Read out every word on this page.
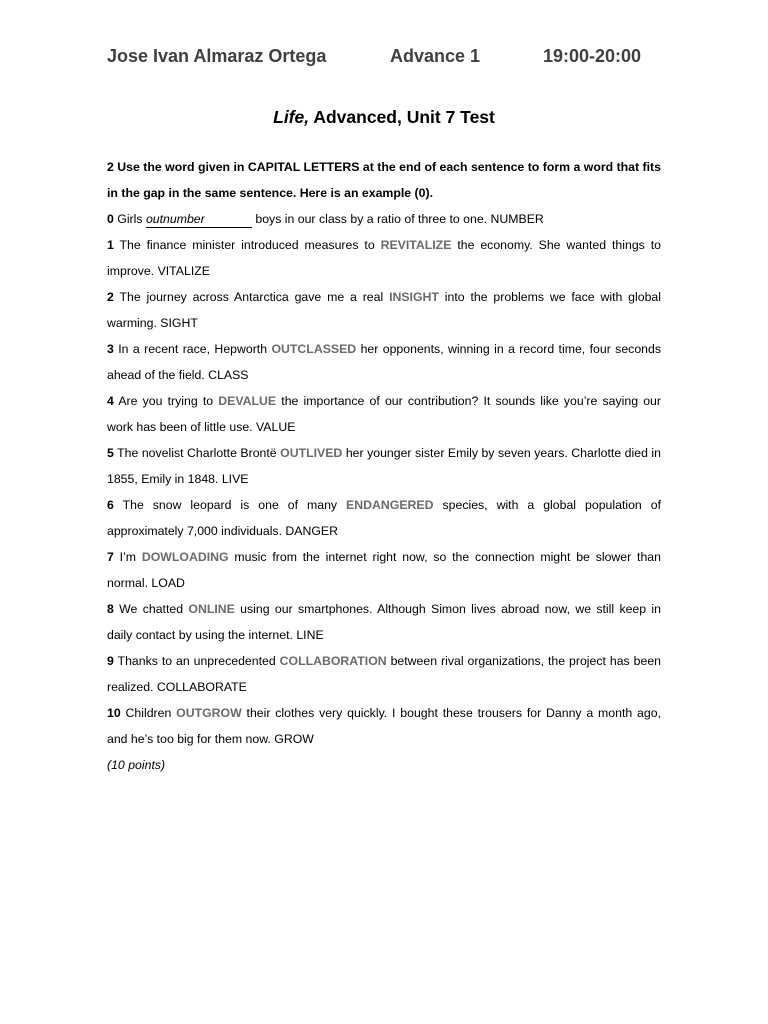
Jose Ivan Almaraz Ortega	Advance 1	19:00-20:00
Life, Advanced, Unit 7 Test
2 Use the word given in CAPITAL LETTERS at the end of each sentence to form a word that fits in the gap in the same sentence. Here is an example (0).
0 Girls outnumber	boys in our class by a ratio of three to one. NUMBER
1 The finance minister introduced measures to REVITALIZE the economy. She wanted things to improve. VITALIZE
2 The journey across Antarctica gave me a real INSIGHT into the problems we face with global warming. SIGHT
3 In a recent race, Hepworth OUTCLASSED her opponents, winning in a record time, four seconds ahead of the field. CLASS
4 Are you trying to DEVALUE the importance of our contribution? It sounds like you’re saying our work has been of little use. VALUE
5 The novelist Charlotte Brontë OUTLIVED her younger sister Emily by seven years. Charlotte died in 1855, Emily in 1848. LIVE
6 The snow leopard is one of many ENDANGERED species, with a global population of approximately 7,000 individuals. DANGER
7 I’m DOWLOADING music from the internet right now, so the connection might be slower than normal. LOAD
8 We chatted ONLINE using our smartphones. Although Simon lives abroad now, we still keep in daily contact by using the internet. LINE
9 Thanks to an unprecedented COLLABORATION between rival organizations, the project has been realized. COLLABORATE
10 Children OUTGROW their clothes very quickly. I bought these trousers for Danny a month ago, and he’s too big for them now. GROW
(10 points)
